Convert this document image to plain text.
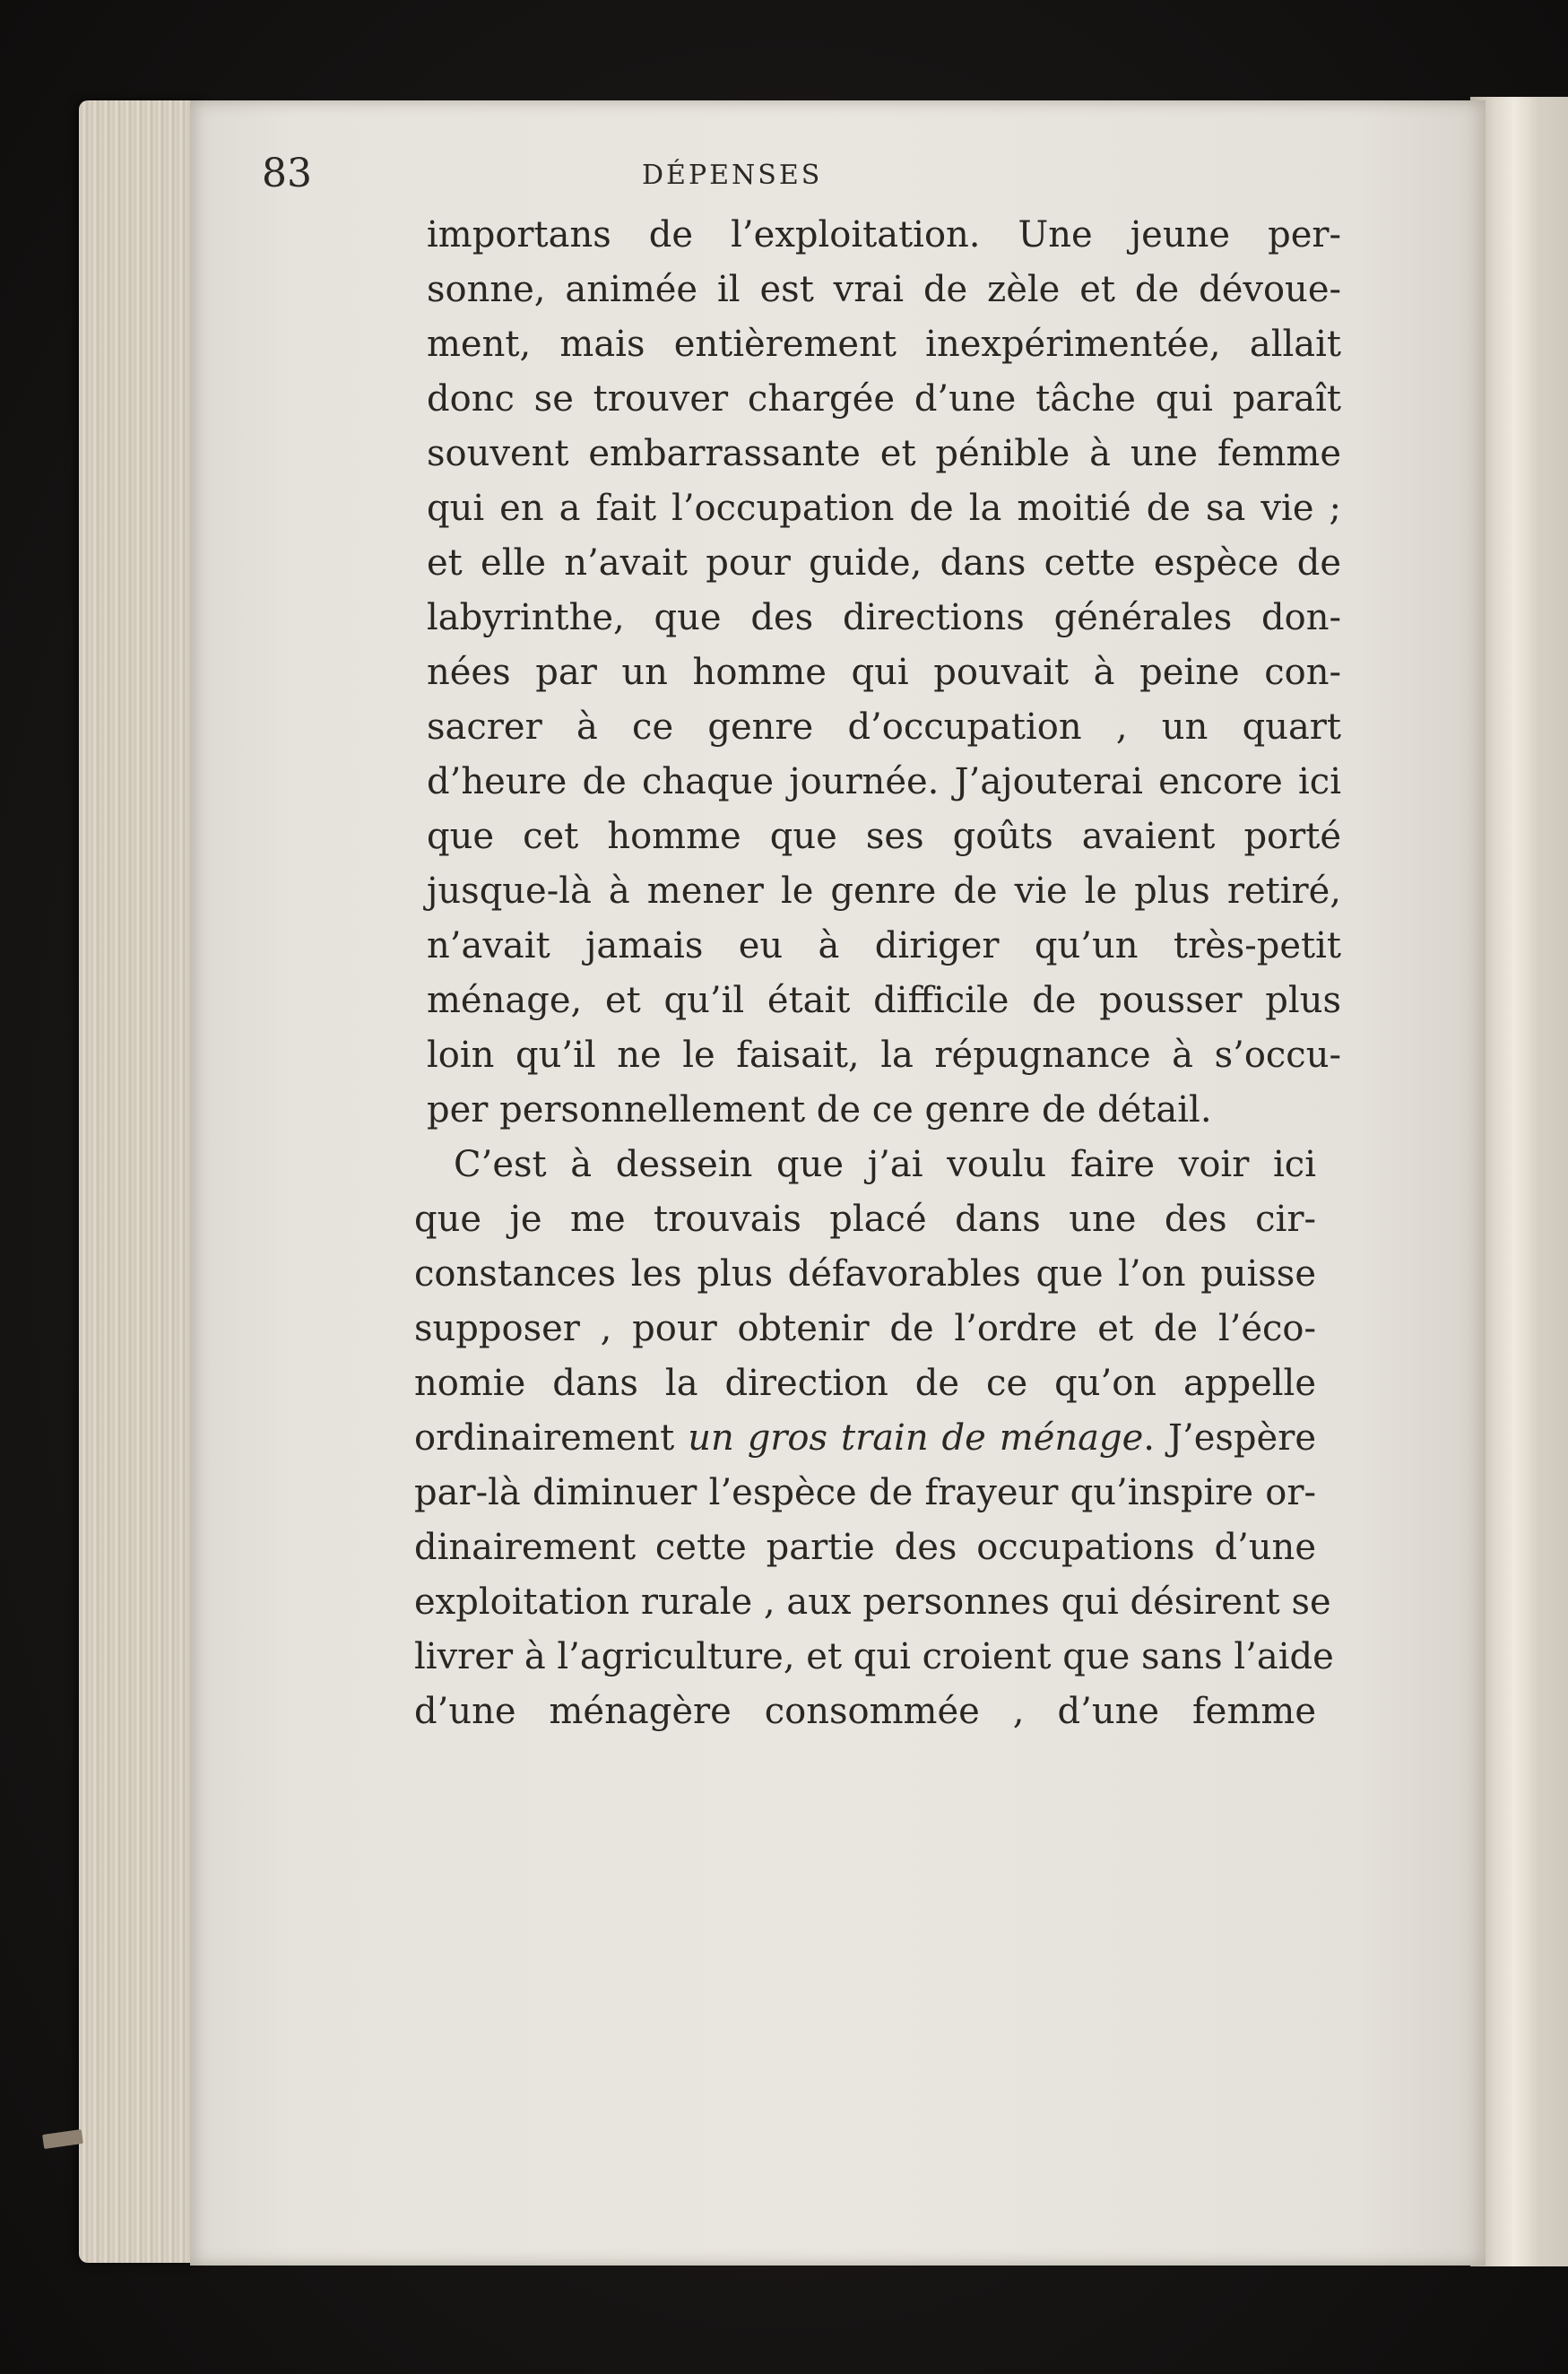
83	DÉPENSES
importans de l’exploitation. Une jeune per-
sonne, animée il est vrai de zèle et de dévoue-
ment, mais entièrement inexpérimentée, allait
donc se trouver chargée d’une tâche qui paraît
souvent embarrassante et pénible à une femme
qui en a fait l’occupation de la moitié de sa vie ;
et elle n’avait pour guide, dans cette espèce de
labyrinthe, que des directions générales don-
nées par un homme qui pouvait à peine con-
sacrer à ce genre d’occupation , un quart
d’heure de chaque journée. J’ajouterai encore ici
que cet homme que ses goûts avaient porté
jusque-là à mener le genre de vie le plus retiré,
n’avait jamais eu à diriger qu’un très-petit
ménage, et qu’il était difficile de pousser plus
loin qu’il ne le faisait, la répugnance à s’occu-
per personnellement de ce genre de détail.
C’est à dessein que j’ai voulu faire voir ici
que je me trouvais placé dans une des cir-
constances les plus défavorables que l’on puisse
supposer , pour obtenir de l’ordre et de l’éco-
nomie dans la direction de ce qu’on appelle
ordinairement un gros train de ménage. J’espère
par-là diminuer l’espèce de frayeur qu’inspire or-
dinairement cette partie des occupations d’une
exploitation rurale , aux personnes qui désirent se
livrer à l’agriculture, et qui croient que sans l’aide
d’une ménagère consommée , d’une femme
